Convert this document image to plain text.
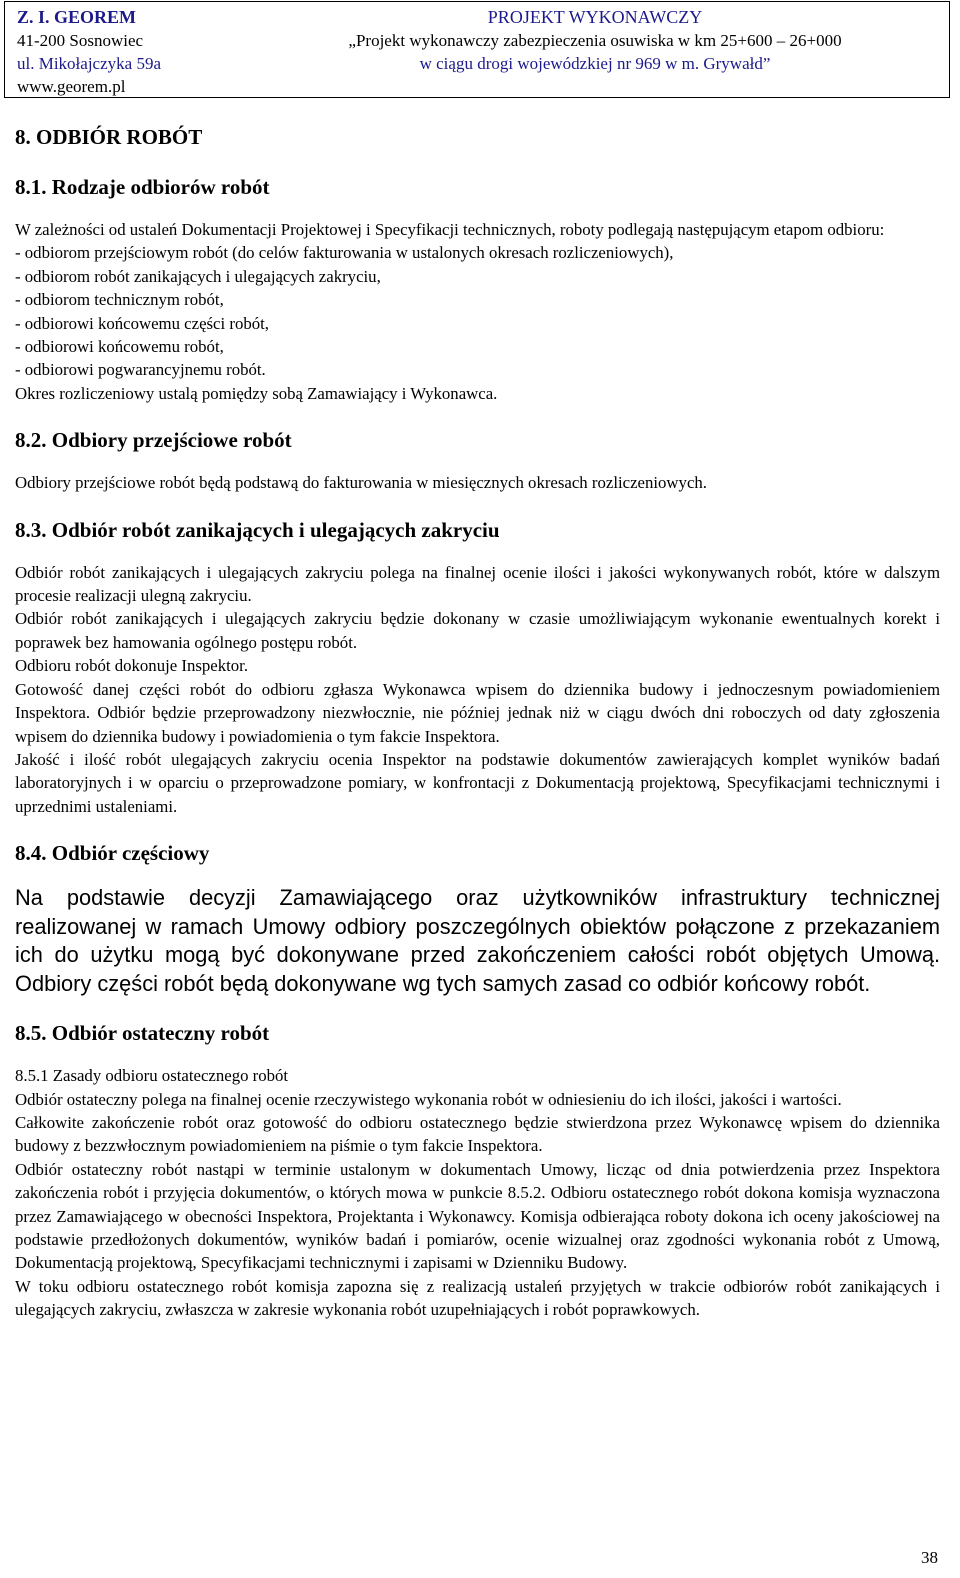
Z. I. GEOREM
41-200 Sosnowiec
ul. Mikołajczyka 59a
www.georem.pl
PROJEKT WYKONAWCZY
„Projekt wykonawczy zabezpieczenia osuwiska w km 25+600 – 26+000
w ciągu drogi wojewódzkiej nr 969 w m. Grywałd”
8. ODBIÓR ROBÓT
8.1. Rodzaje odbiorów robót

W zależności od ustaleń Dokumentacji Projektowej i Specyfikacji technicznych, roboty podlegają następującym etapom odbioru:

- odbiorom przejściowym robót (do celów fakturowania w ustalonych okresach rozliczeniowych),

- odbiorom robót zanikających i ulegających zakryciu,

- odbiorom technicznym robót,

- odbiorowi końcowemu części robót,

- odbiorowi końcowemu robót,

- odbiorowi pogwarancyjnemu robót.

Okres rozliczeniowy ustalą pomiędzy sobą Zamawiający i Wykonawca.

8.2. Odbiory przejściowe robót

Odbiory przejściowe robót będą podstawą do fakturowania w miesięcznych okresach rozliczeniowych.

8.3. Odbiór robót zanikających i ulegających zakryciu

Odbiór robót zanikających i ulegających zakryciu polega na finalnej ocenie ilości i jakości wykonywanych robót, które w dalszym procesie realizacji ulegną zakryciu.

Odbiór robót zanikających i ulegających zakryciu będzie dokonany w czasie umożliwiającym wykonanie ewentualnych korekt i poprawek bez hamowania ogólnego postępu robót.

Odbioru robót dokonuje Inspektor.

Gotowość danej części robót do odbioru zgłasza Wykonawca wpisem do dziennika budowy i jednoczesnym powiadomieniem Inspektora. Odbiór będzie przeprowadzony niezwłocznie, nie później jednak niż w ciągu dwóch dni roboczych od daty zgłoszenia wpisem do dziennika budowy i powiadomienia o tym fakcie Inspektora.

Jakość i ilość robót ulegających zakryciu ocenia Inspektor na podstawie dokumentów zawierających komplet wyników badań laboratoryjnych i w oparciu o przeprowadzone pomiary, w konfrontacji z Dokumentacją projektową, Specyfikacjami technicznymi i uprzednimi ustaleniami.

8.4. Odbiór częściowy

Na podstawie decyzji Zamawiającego oraz użytkowników infrastruktury technicznej realizowanej w ramach Umowy odbiory poszczególnych obiektów połączone z przekazaniem ich do użytku mogą być dokonywane przed zakończeniem całości robót objętych Umową. Odbiory części robót będą dokonywane wg tych samych zasad co odbiór końcowy robót.

8.5. Odbiór ostateczny robót

8.5.1 Zasady odbioru ostatecznego robót

Odbiór ostateczny polega na finalnej ocenie rzeczywistego wykonania robót w odniesieniu do ich ilości, jakości i wartości.

Całkowite zakończenie robót oraz gotowość do odbioru ostatecznego będzie stwierdzona przez Wykonawcę wpisem do dziennika budowy z bezzwłocznym powiadomieniem na piśmie o tym fakcie Inspektora.

Odbiór ostateczny robót nastąpi w terminie ustalonym w dokumentach Umowy, licząc od dnia potwierdzenia przez Inspektora zakończenia robót i przyjęcia dokumentów, o których mowa w punkcie 8.5.2. Odbioru ostatecznego robót dokona komisja wyznaczona przez Zamawiającego w obecności Inspektora, Projektanta i Wykonawcy. Komisja odbierająca roboty dokona ich oceny jakościowej na podstawie przedłożonych dokumentów, wyników badań i pomiarów, ocenie wizualnej oraz zgodności wykonania robót z Umową, Dokumentacją projektową, Specyfikacjami technicznymi i zapisami w Dzienniku Budowy.

W toku odbioru ostatecznego robót komisja zapozna się z realizacją ustaleń przyjętych w trakcie odbiorów robót zanikających i ulegających zakryciu, zwłaszcza w zakresie wykonania robót uzupełniających i robót poprawkowych.

38
